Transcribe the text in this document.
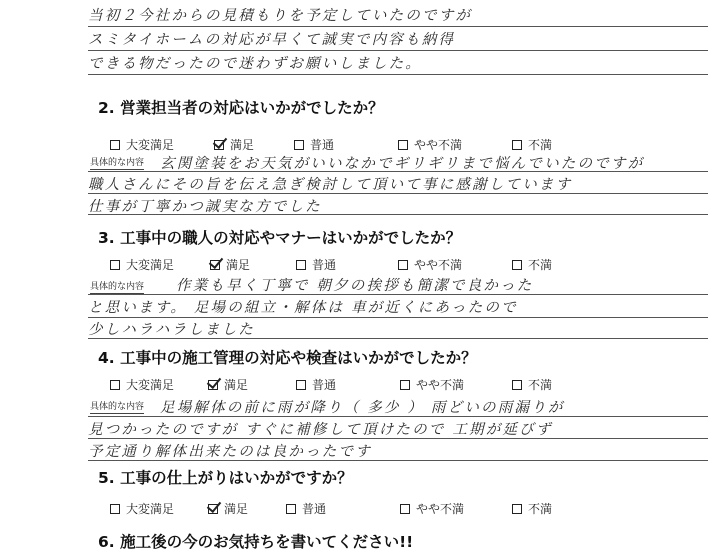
当初２今社からの見積もりを予定していたのですが
スミタイホームの対応が早くて誠実で内容も納得
できる物だったので迷わずお願いしました。
2. 営業担当者の対応はいかがでしたか？
大変満足	満足	普通	やや不満	不満
具体的な内容 玄関塗装をお天気がいいなかでギリギリまで悩んでいたのですが
職人さんにその旨を伝え急ぎ検討して頂いて事に感謝しています
仕事が丁寧かつ誠実な方でした
3. 工事中の職人の対応やマナーはいかがでしたか？
大変満足	満足	普通	やや不満	不満
具体的な内容 作業も早く丁寧で 朝夕の挨拶も簡潔で良かった
と思います。 足場の組立・解体は 車が近くにあったので
少しハラハラしました
4. 工事中の施工管理の対応や検査はいかがでしたか？
大変満足	満足	普通	やや不満	不満
具体的な内容 足場解体の前に雨が降り（ 多少 ） 雨どいの雨漏りが
見つかったのですが すぐに補修して頂けたので 工期が延びず
予定通り解体出来たのは良かったです
5. 工事の仕上がりはいかがですか？
大変満足	満足	普通	やや不満	不満
6. 施工後の今のお気持ちを書いてください!!
